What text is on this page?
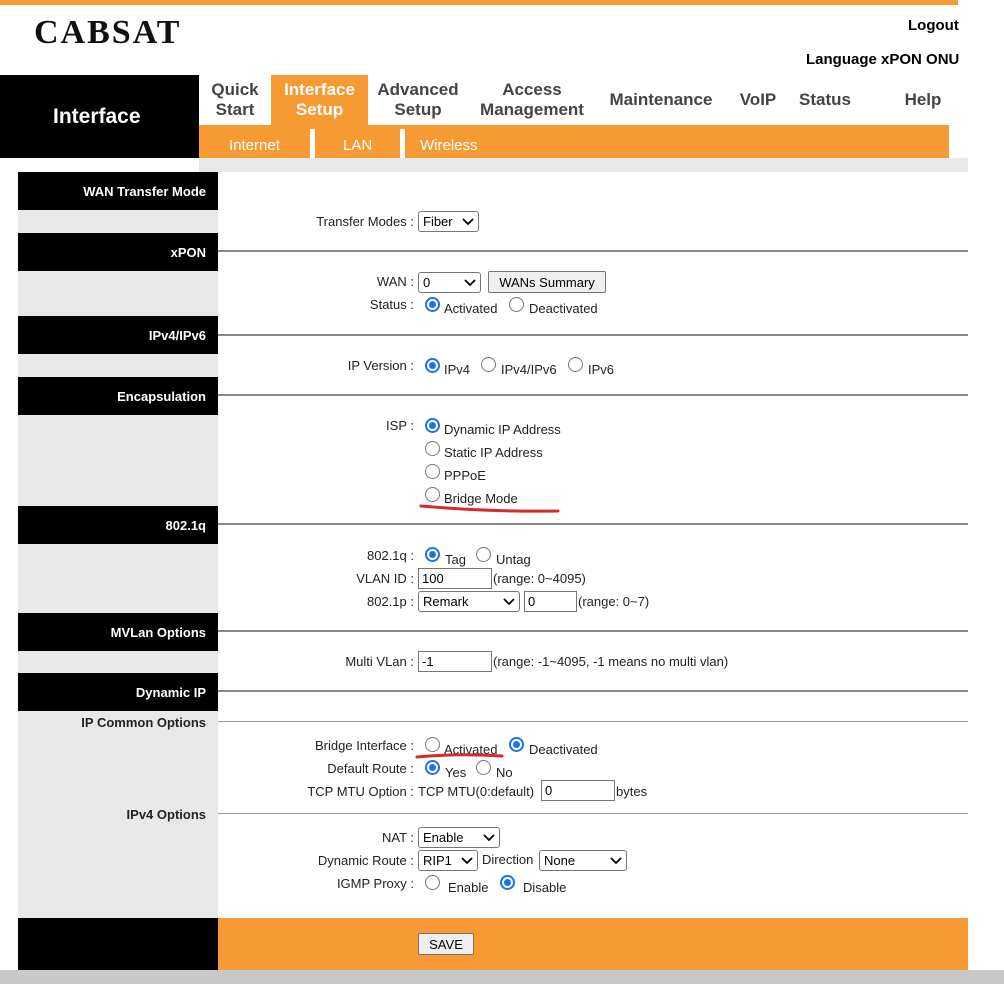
CABSAT	Logout
Language xPON ONU
Interface
Quick
Start
Interface
Setup
Advanced
Setup
Access
Management
Maintenance	VoIP	Status	Help
Internet	LAN	Wireless
WAN Transfer Mode
Transfer Modes : Fiber
xPON
WAN : 0	WANs Summary
Status : Activated Deactivated
IPv4/IPv6
IP Version : IPv4 IPv4/IPv6 IPv6
Encapsulation
ISP : Dynamic IP Address
Static IP Address
PPPoE
Bridge Mode
802.1q
802.1q : Tag Untag
VLAN ID : 100	(range: 0~4095)
802.1p : Remark	0	(range: 0~7)
MVLan Options
Multi VLan : -1	(range: -1~4095, -1 means no multi vlan)
Dynamic IP
IP Common Options
Bridge Interface : Activated Deactivated
Default Route : Yes No
TCP MTU Option : TCP MTU(0:default) 0	bytes
IPv4 Options
NAT : Enable
Dynamic Route : RIP1 Direction None
IGMP Proxy :	Enable	Disable
SAVE
